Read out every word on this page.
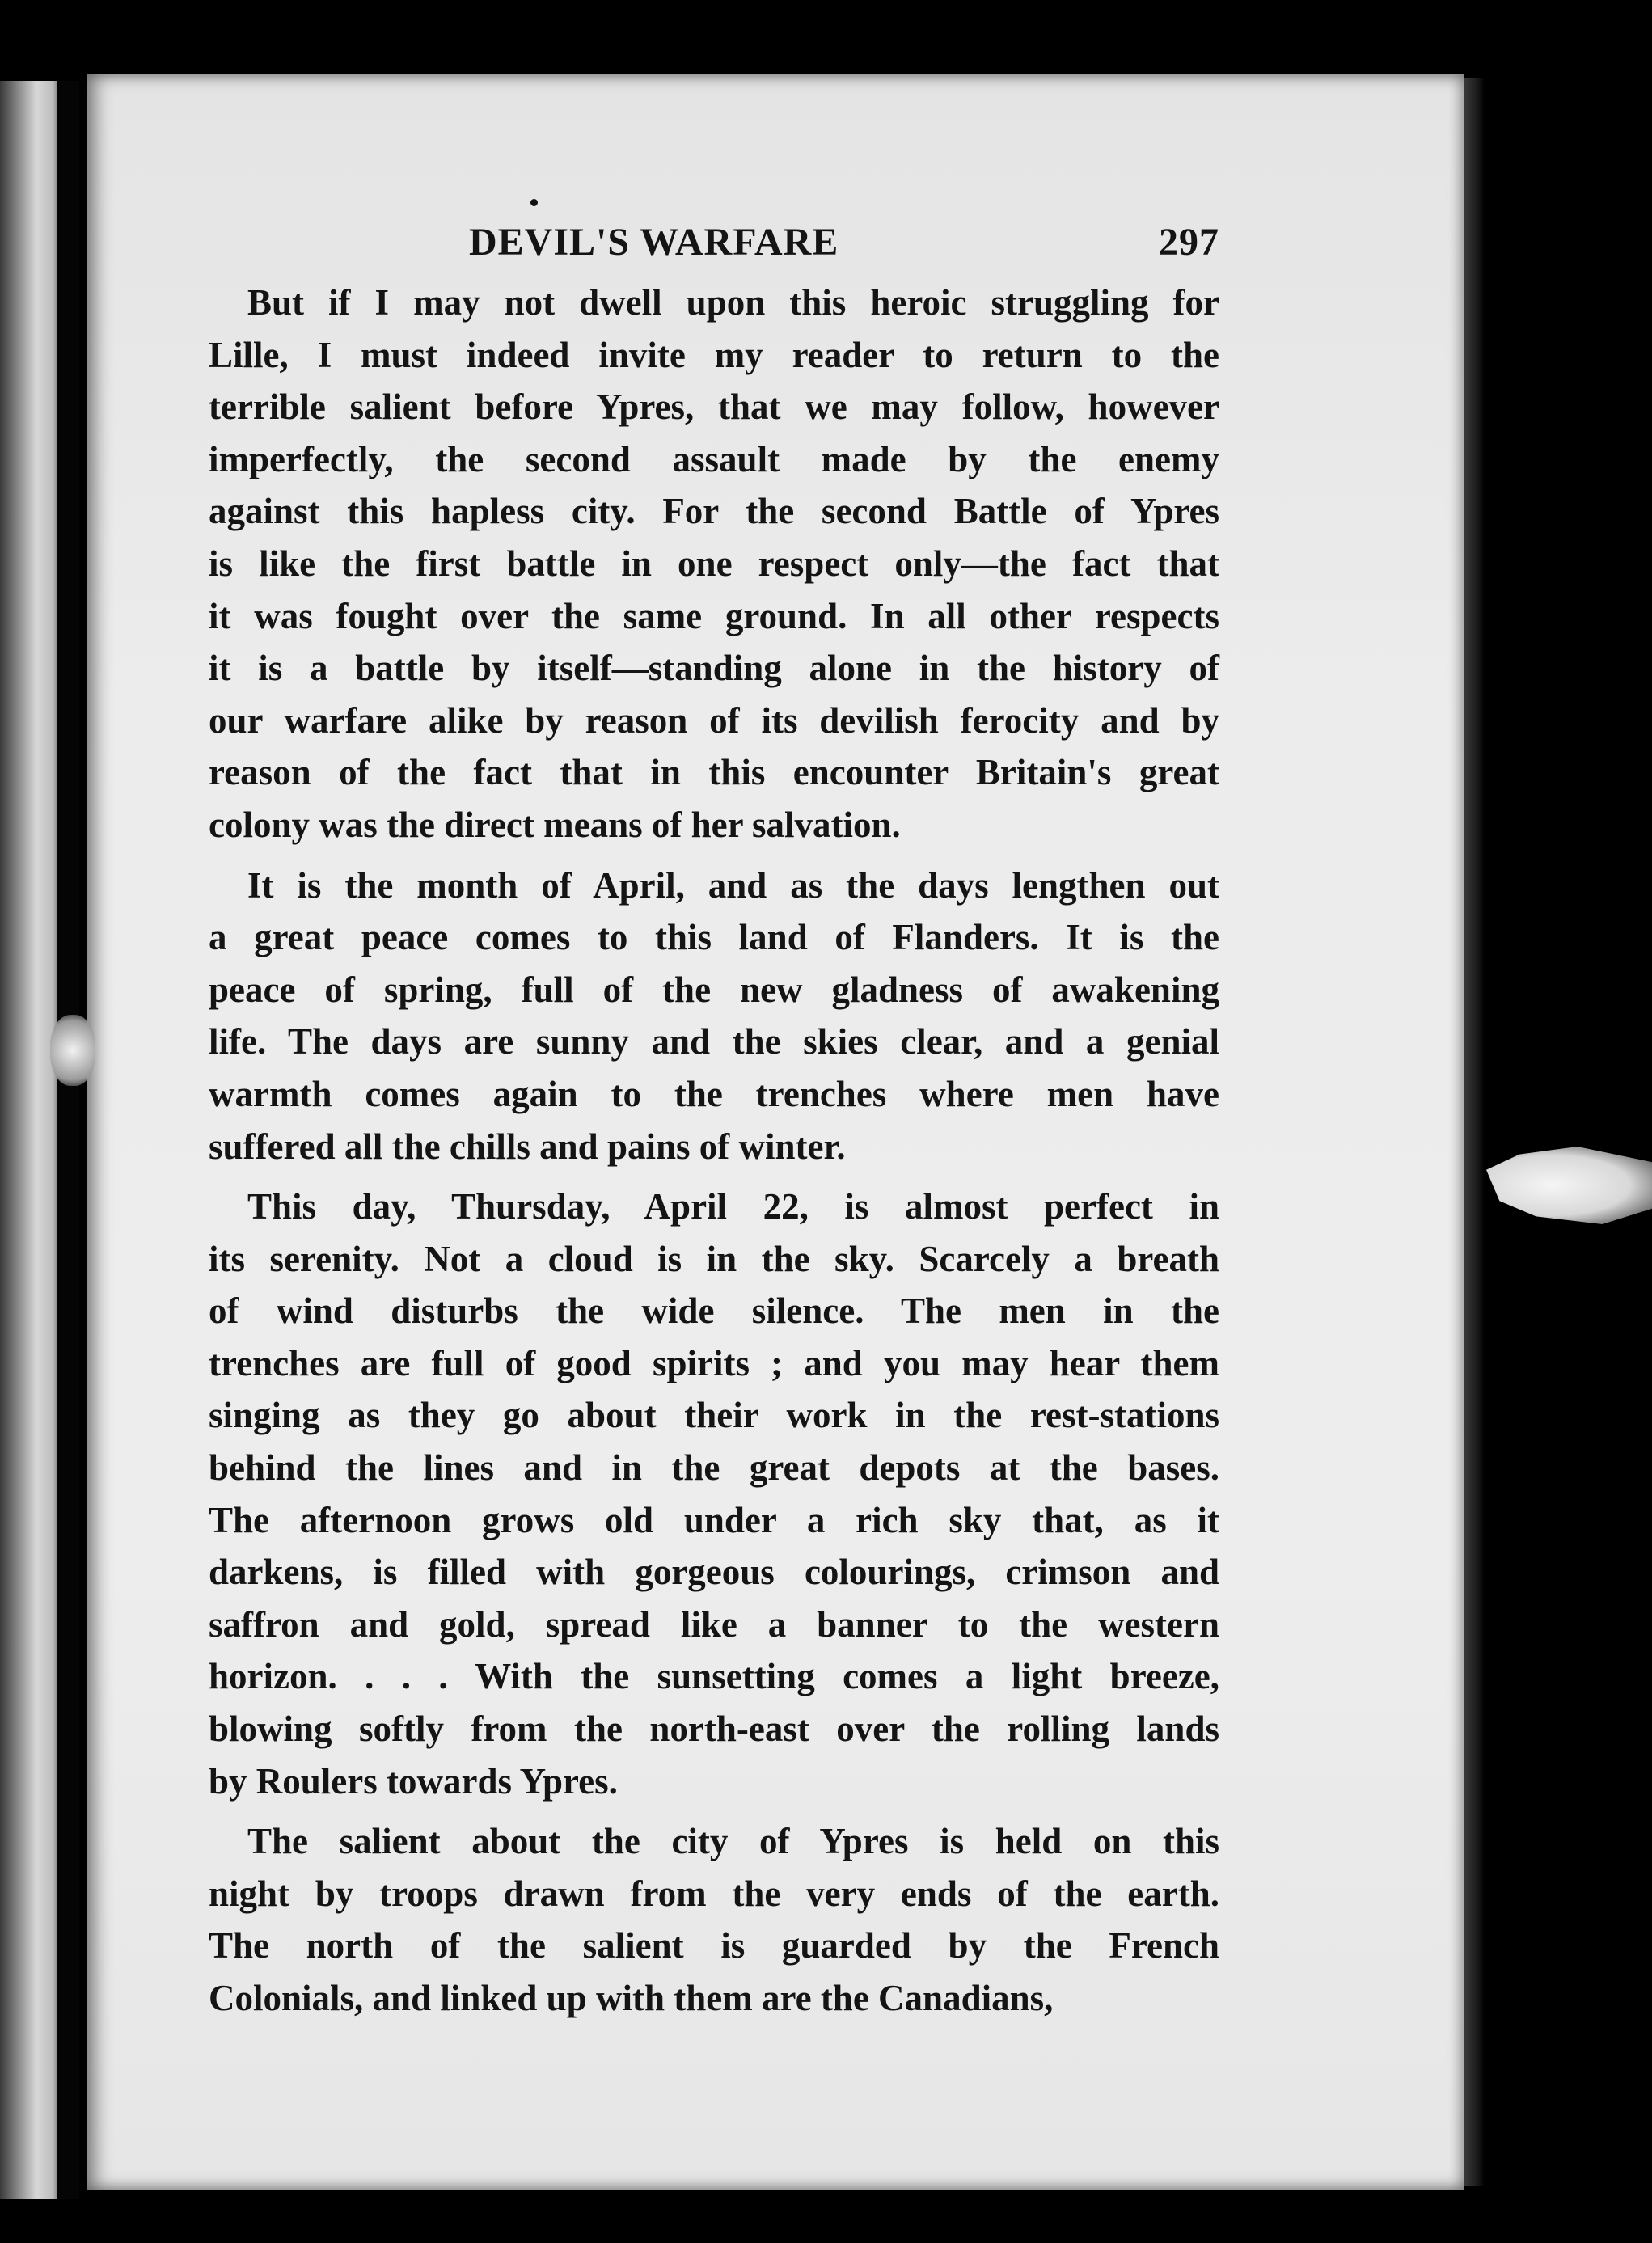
DEVIL'S WARFARE	297
But if I may not dwell upon this heroic struggling for
Lille, I must indeed invite my reader to return to the
terrible salient before Ypres, that we may follow, however
imperfectly, the second assault made by the enemy
against this hapless city. For the second Battle of Ypres
is like the first battle in one respect only—the fact that
it was fought over the same ground. In all other respects
it is a battle by itself—standing alone in the history of
our warfare alike by reason of its devilish ferocity and by
reason of the fact that in this encounter Britain's great
colony was the direct means of her salvation.
It is the month of April, and as the days lengthen out
a great peace comes to this land of Flanders. It is the
peace of spring, full of the new gladness of awakening
life. The days are sunny and the skies clear, and a genial
warmth comes again to the trenches where men have
suffered all the chills and pains of winter.
This day, Thursday, April 22, is almost perfect in
its serenity. Not a cloud is in the sky. Scarcely a breath
of wind disturbs the wide silence. The men in the
trenches are full of good spirits ; and you may hear them
singing as they go about their work in the rest-stations
behind the lines and in the great depots at the bases.
The afternoon grows old under a rich sky that, as it
darkens, is filled with gorgeous colourings, crimson and
saffron and gold, spread like a banner to the western
horizon. . . . With the sunsetting comes a light breeze,
blowing softly from the north-east over the rolling lands
by Roulers towards Ypres.
The salient about the city of Ypres is held on this
night by troops drawn from the very ends of the earth.
The north of the salient is guarded by the French
Colonials, and linked up with them are the Canadians,
